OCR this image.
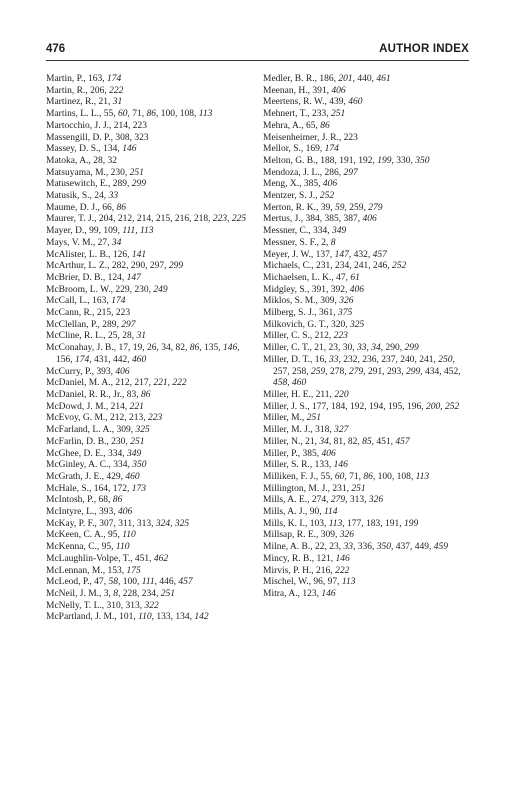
476	AUTHOR INDEX

Martin, P., 163, 174

Martin, R., 206, 222

Martinez, R., 21, 31

Martins, L. L., 55, 60, 71, 86, 100, 108, 113

Martocchio, J. J., 214, 223

Massengill, D. P., 308, 323

Massey, D. S., 134, 146

Matoka, A., 28, 32

Matsuyama, M., 230, 251

Matusewitch, E., 289, 299

Matusik, S., 24, 33

Maume, D. J., 66, 86

Maurer, T. J., 204, 212, 214, 215, 216, 218, 223, 225

Mayer, D., 99, 109, 111, 113

Mays, V. M., 27, 34

McAlister, L. B., 126, 141

McArthur, L. Z., 282, 290, 297, 299

McBrier, D. B., 124, 147

McBroom, L. W., 229, 230, 249

McCall, L., 163, 174

McCann, R., 215, 223

McClellan, P., 289, 297

McCline, R. L., 25, 28, 31

McConahay, J. B., 17, 19, 26, 34, 82, 86, 135, 146, 156, 174, 431, 442, 460

McCurry, P., 393, 406

McDaniel, M. A., 212, 217, 221, 222

McDaniel, R. R., Jr., 83, 86

McDowd, J. M., 214, 221

McEvoy, G. M., 212, 213, 223

McFarland, L. A., 309, 325

McFarlin, D. B., 230, 251

McGhee, D. E., 334, 349

McGinley, A. C., 334, 350

McGrath, J. E., 429, 460

McHale, S., 164, 172, 173

McIntosh, P., 68, 86

McIntyre, L., 393, 406

McKay, P. F., 307, 311, 313, 324, 325

McKeen, C. A., 95, 110

McKenna, C., 95, 110

McLaughlin-Volpe, T., 451, 462

McLennan, M., 153, 175

McLeod, P., 47, 58, 100, 111, 446, 457

McNeil, J. M., 3, 8, 228, 234, 251

McNelly, T. L., 310, 313, 322

McPartland, J. M., 101, 110, 133, 134, 142

Medler, B. R., 186, 201, 440, 461

Meenan, H., 391, 406

Meertens, R. W., 439, 460

Mehnert, T., 233, 251

Mehra, A., 65, 86

Meisenheimer, J. R., 223

Mellor, S., 169, 174

Melton, G. B., 188, 191, 192, 199, 330, 350

Mendoza, J. L., 286, 297

Meng, X., 385, 406

Mentzer, S. J., 252

Merton, R. K., 39, 59, 259, 279

Mertus, J., 384, 385, 387, 406

Messner, C., 334, 349

Messner, S. F., 2, 8

Meyer, J. W., 137, 147, 432, 457

Michaels, C., 231, 234, 241, 246, 252

Michaelsen, L. K., 47, 61

Midgley, S., 391, 392, 406

Miklos, S. M., 309, 326

Milberg, S. J., 361, 375

Milkovich, G. T., 320, 325

Miller, C. S., 212, 223

Miller, C. T., 21, 23, 30, 33, 34, 290, 299

Miller, D. T., 16, 33, 232, 236, 237, 240, 241, 250, 257, 258, 259, 278, 279, 291, 293, 299, 434, 452, 458, 460

Miller, H. E., 211, 220

Miller, J. S., 177, 184, 192, 194, 195, 196, 200, 252

Miller, M., 251

Miller, M. J., 318, 327

Miller, N., 21, 34, 81, 82, 85, 451, 457

Miller, P., 385, 406

Miller, S. R., 133, 146

Milliken, F. J., 55, 60, 71, 86, 100, 108, 113

Millington, M. J., 231, 251

Mills, A. E., 274, 279, 313, 326

Mills, A. J., 90, 114

Mills, K. I., 103, 113, 177, 183, 191, 199

Millsap, R. E., 309, 326

Milne, A. B., 22, 23, 33, 336, 350, 437, 449, 459

Mincy, R. B., 121, 146

Mirvis, P. H., 216, 222

Mischel, W., 96, 97, 113

Mitra, A., 123, 146
